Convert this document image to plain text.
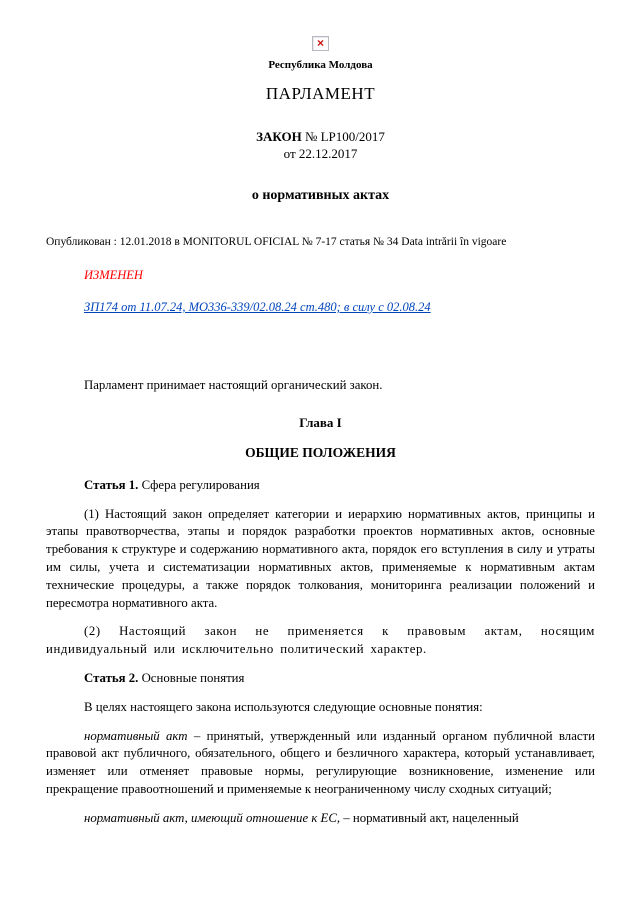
×
Республика Молдова
ПАРЛАМЕНТ
ЗАКОН № LP100/2017
от 22.12.2017
о нормативных актах
Опубликован : 12.01.2018 в MONITORUL OFICIAL № 7-17 статья № 34 Data intrării în vigoare
ИЗМЕНЕН
ЗП174 от 11.07.24, MO336-339/02.08.24 ст.480; в силу с 02.08.24
Парламент принимает настоящий органический закон.
Глава I
ОБЩИЕ ПОЛОЖЕНИЯ
Статья 1. Сфера регулирования
(1) Настоящий закон определяет категории и иерархию нормативных актов, принципы и этапы правотворчества, этапы и порядок разработки проектов нормативных актов, основные требования к структуре и содержанию нормативного акта, порядок его вступления в силу и утраты им силы, учета и систематизации нормативных актов, применяемые к нормативным актам технические процедуры, а также порядок толкования, мониторинга реализации положений и пересмотра нормативного акта.
(2) Настоящий закон не применяется к правовым актам, носящим индивидуальный или исключительно политический характер.
Статья 2. Основные понятия
В целях настоящего закона используются следующие основные понятия:
нормативный акт – принятый, утвержденный или изданный органом публичной власти правовой акт публичного, обязательного, общего и безличного характера, который устанавливает, изменяет или отменяет правовые нормы, регулирующие возникновение, изменение или прекращение правоотношений и применяемые к неограниченному числу сходных ситуаций;
нормативный акт, имеющий отношение к ЕС, – нормативный акт, нацеленный
